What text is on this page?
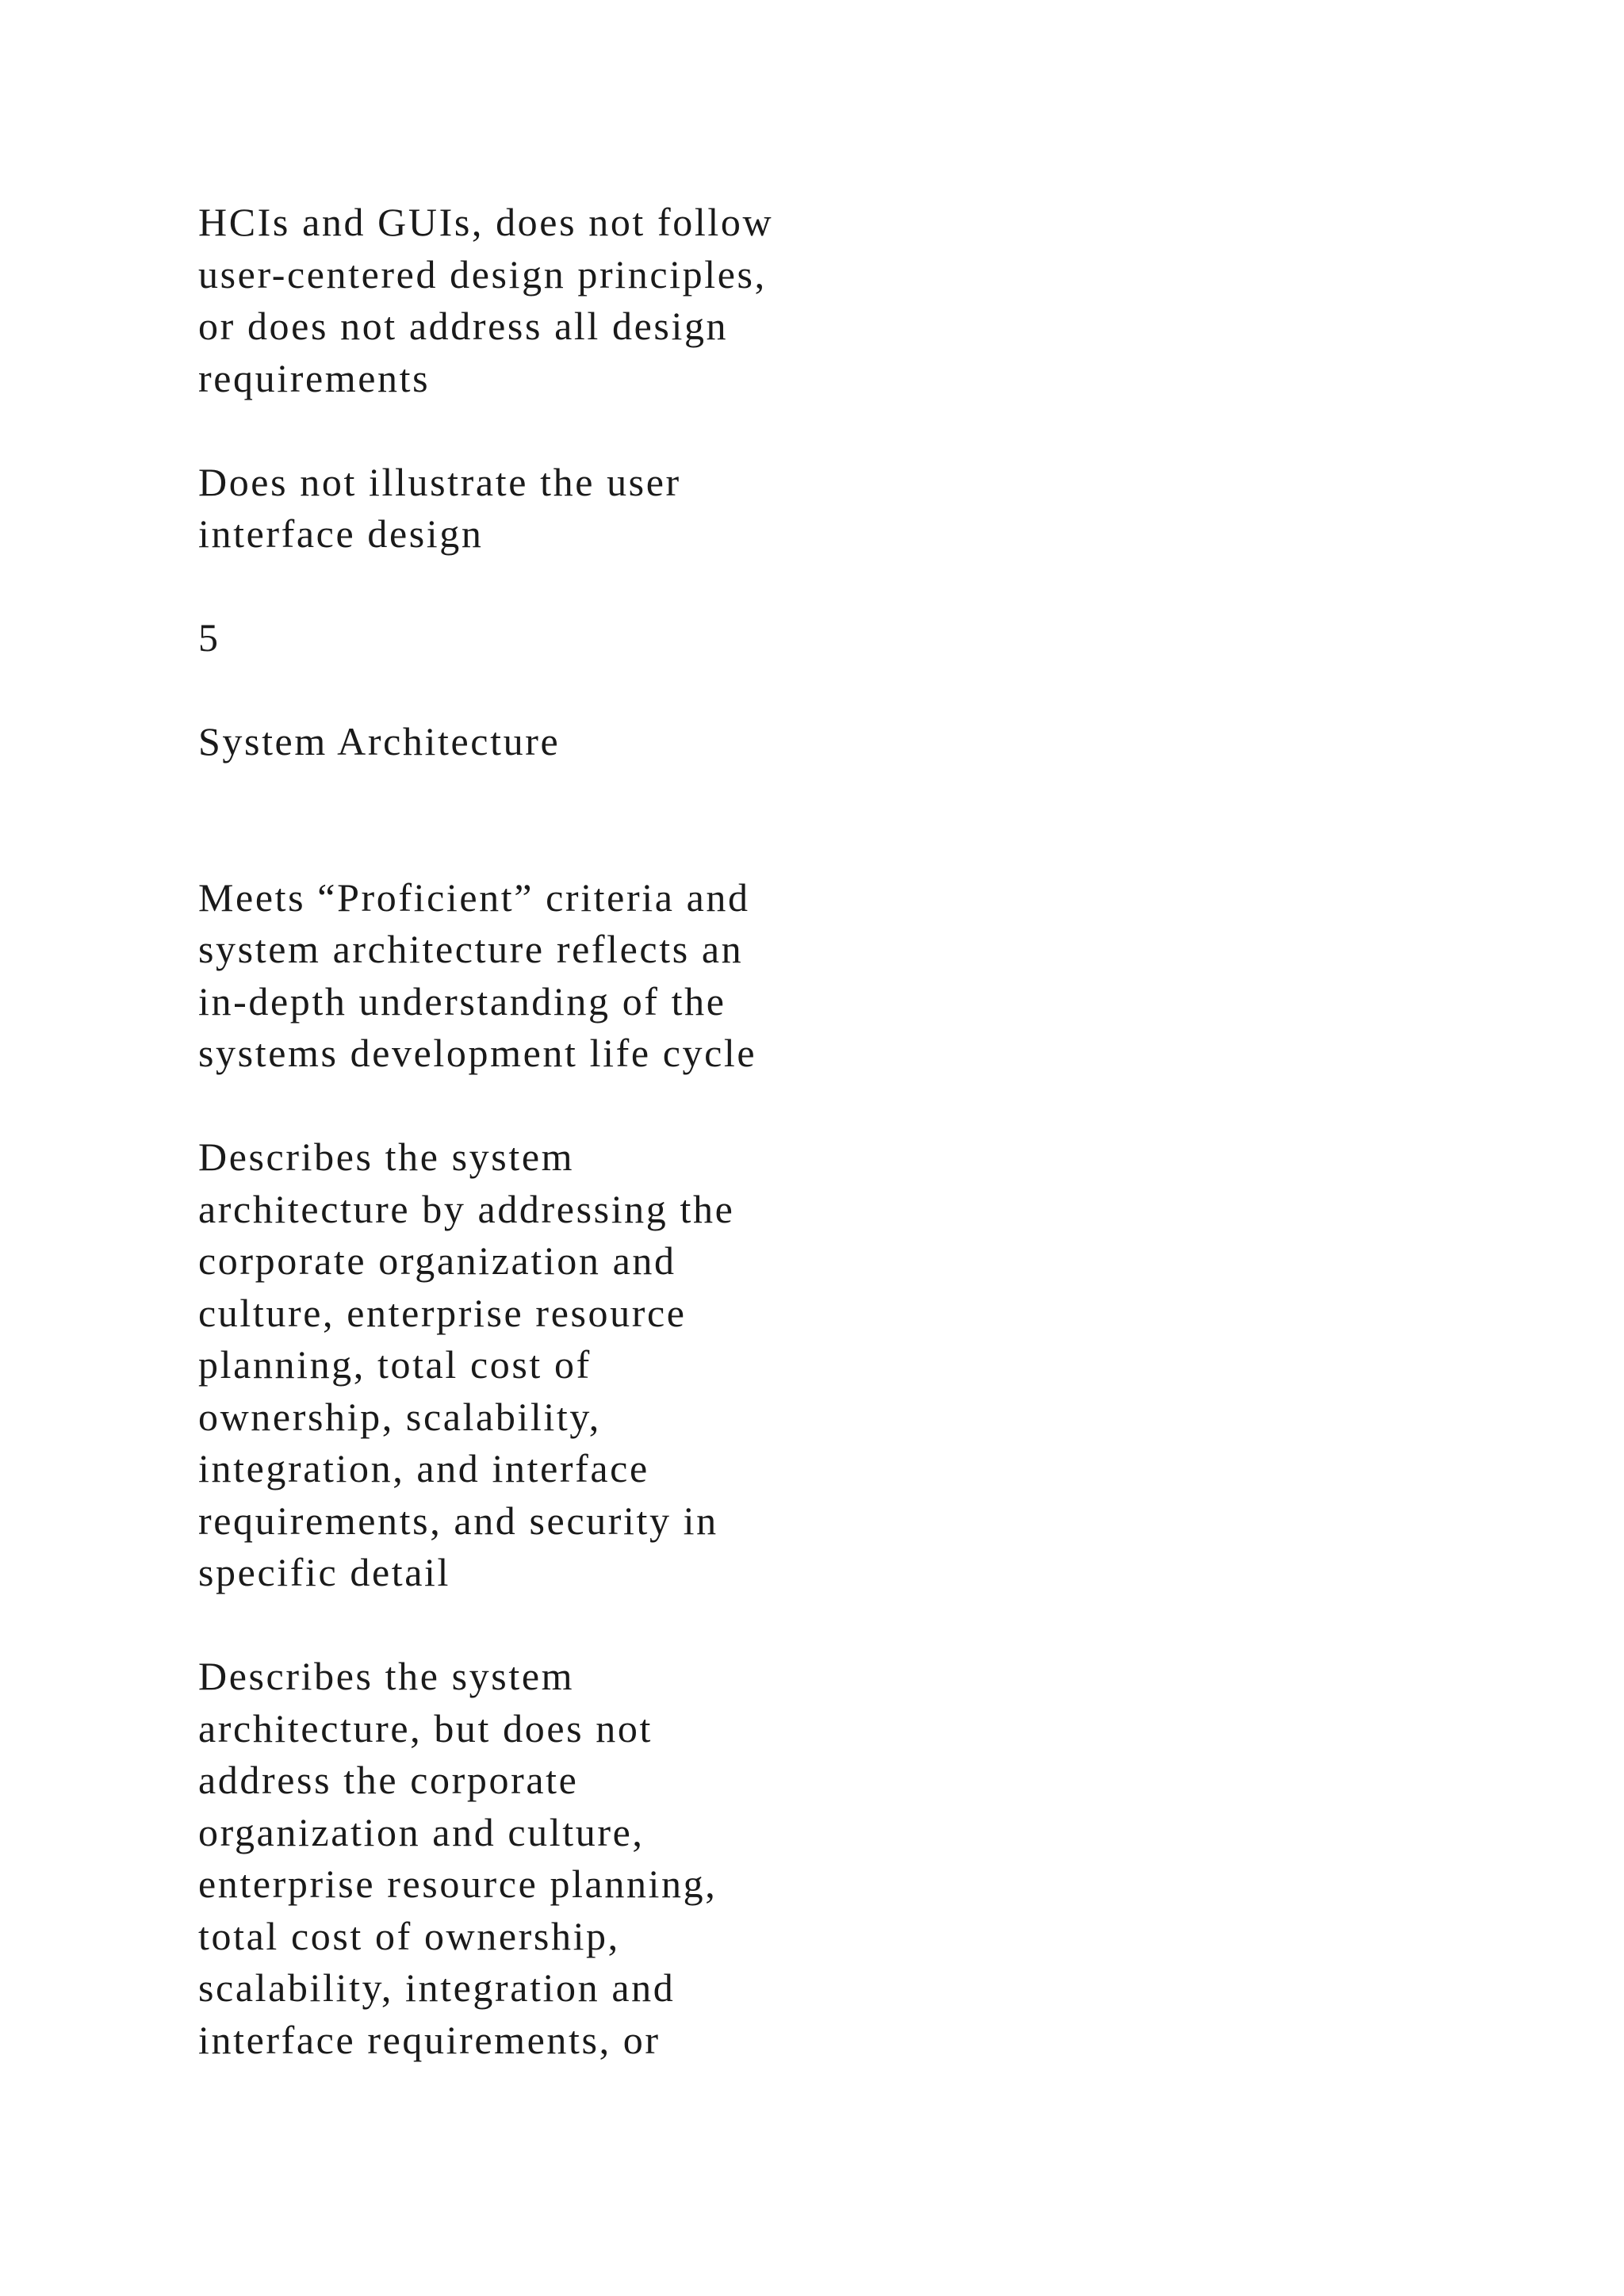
HCIs and GUIs, does not follow
user-centered design principles,
or does not address all design
requirements
Does not illustrate the user
interface design
5
System Architecture
Meets “Proficient” criteria and
system architecture reflects an
in-depth understanding of the
systems development life cycle
Describes the system
architecture by addressing the
corporate organization and
culture, enterprise resource
planning, total cost of
ownership, scalability,
integration, and interface
requirements, and security in
specific detail
Describes the system
architecture, but does not
address the corporate
organization and culture,
enterprise resource planning,
total cost of ownership,
scalability, integration and
interface requirements, or
